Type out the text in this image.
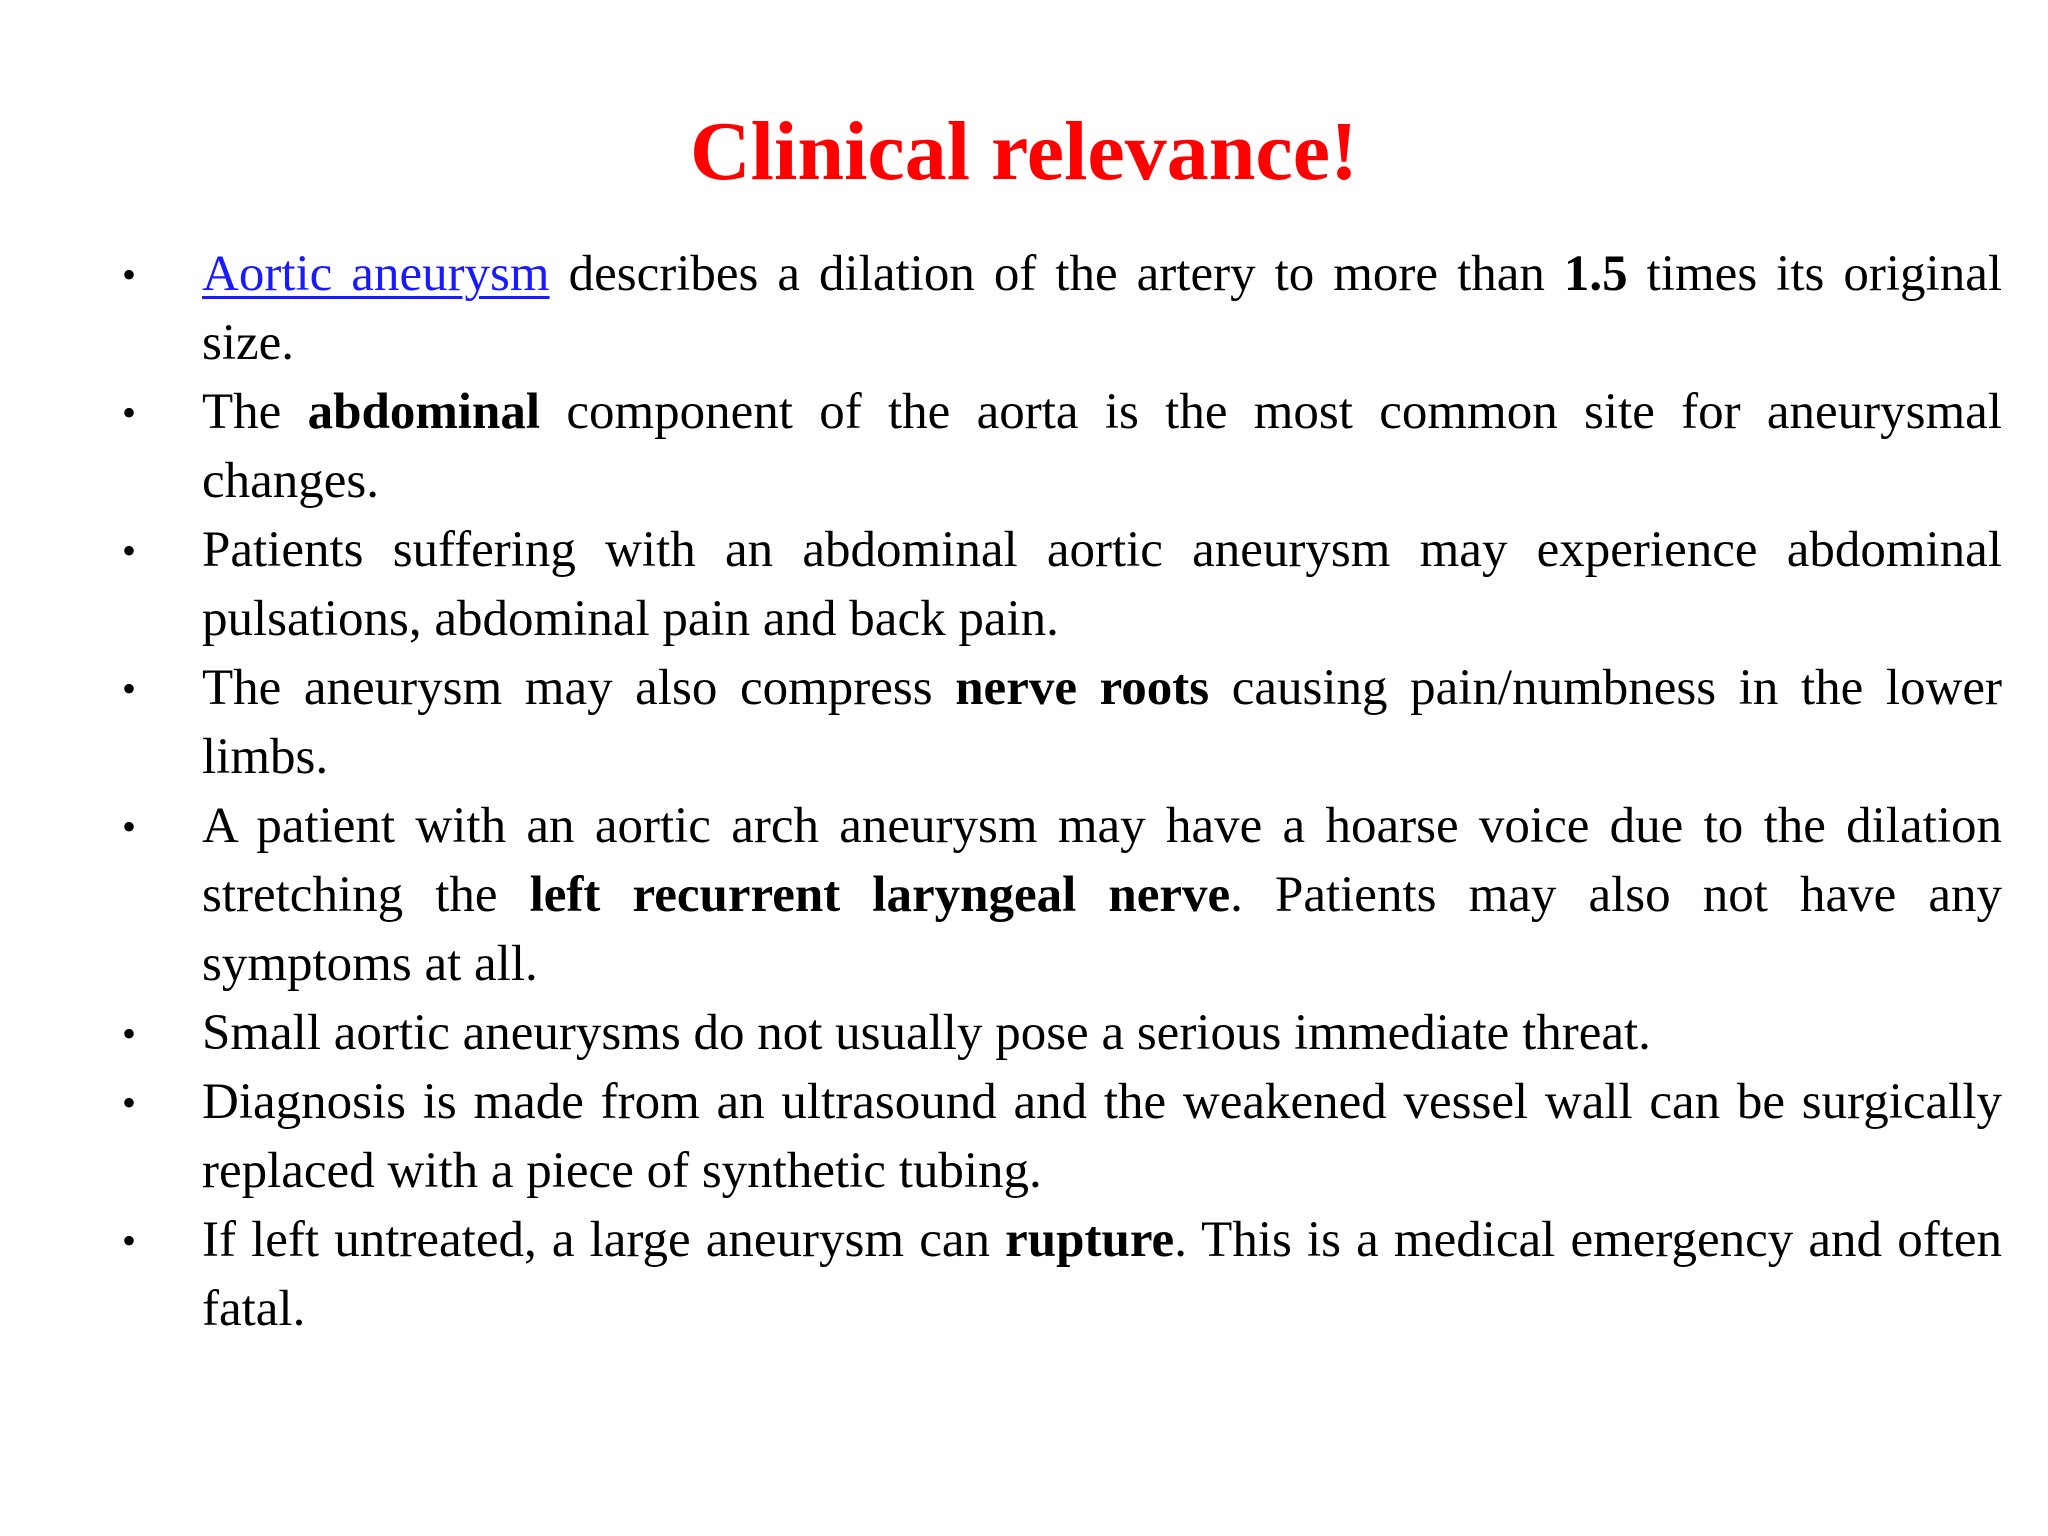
Clinical relevance!
•	Aortic aneurysm describes a dilation of the artery to more than 1.5 times its original size.
•	The abdominal component of the aorta is the most common site for aneurysmal changes.
•	Patients suffering with an abdominal aortic aneurysm may experience abdominal pulsations, abdominal pain and back pain.
•	The aneurysm may also compress nerve roots causing pain/numbness in the lower limbs.
•	A patient with an aortic arch aneurysm may have a hoarse voice due to the dilation stretching the left recurrent laryngeal nerve. Patients may also not have any symptoms at all.
•	Small aortic aneurysms do not usually pose a serious immediate threat.
•	Diagnosis is made from an ultrasound and the weakened vessel wall can be surgically replaced with a piece of synthetic tubing.
•	If left untreated, a large aneurysm can rupture. This is a medical emergency and often fatal.
